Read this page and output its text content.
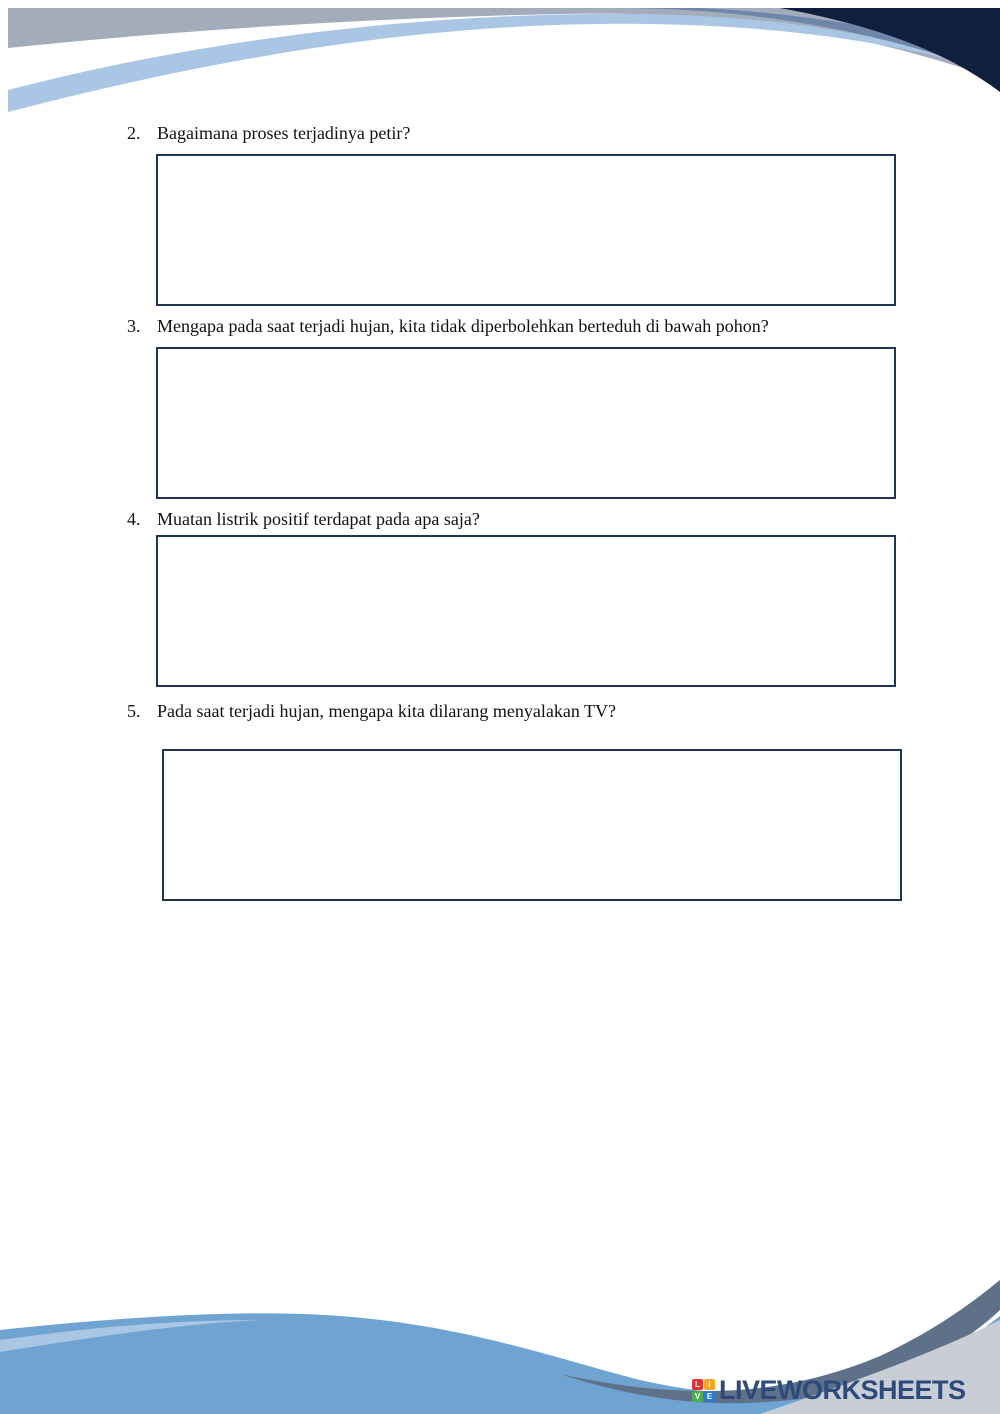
2. Bagaimana proses terjadinya petir?
3. Mengapa pada saat terjadi hujan, kita tidak diperbolehkan berteduh di bawah pohon?
4. Muatan listrik positif terdapat pada apa saja?
5. Pada saat terjadi hujan, mengapa kita dilarang menyalakan TV?
L	I
V E LIVEWORKSHEETS
